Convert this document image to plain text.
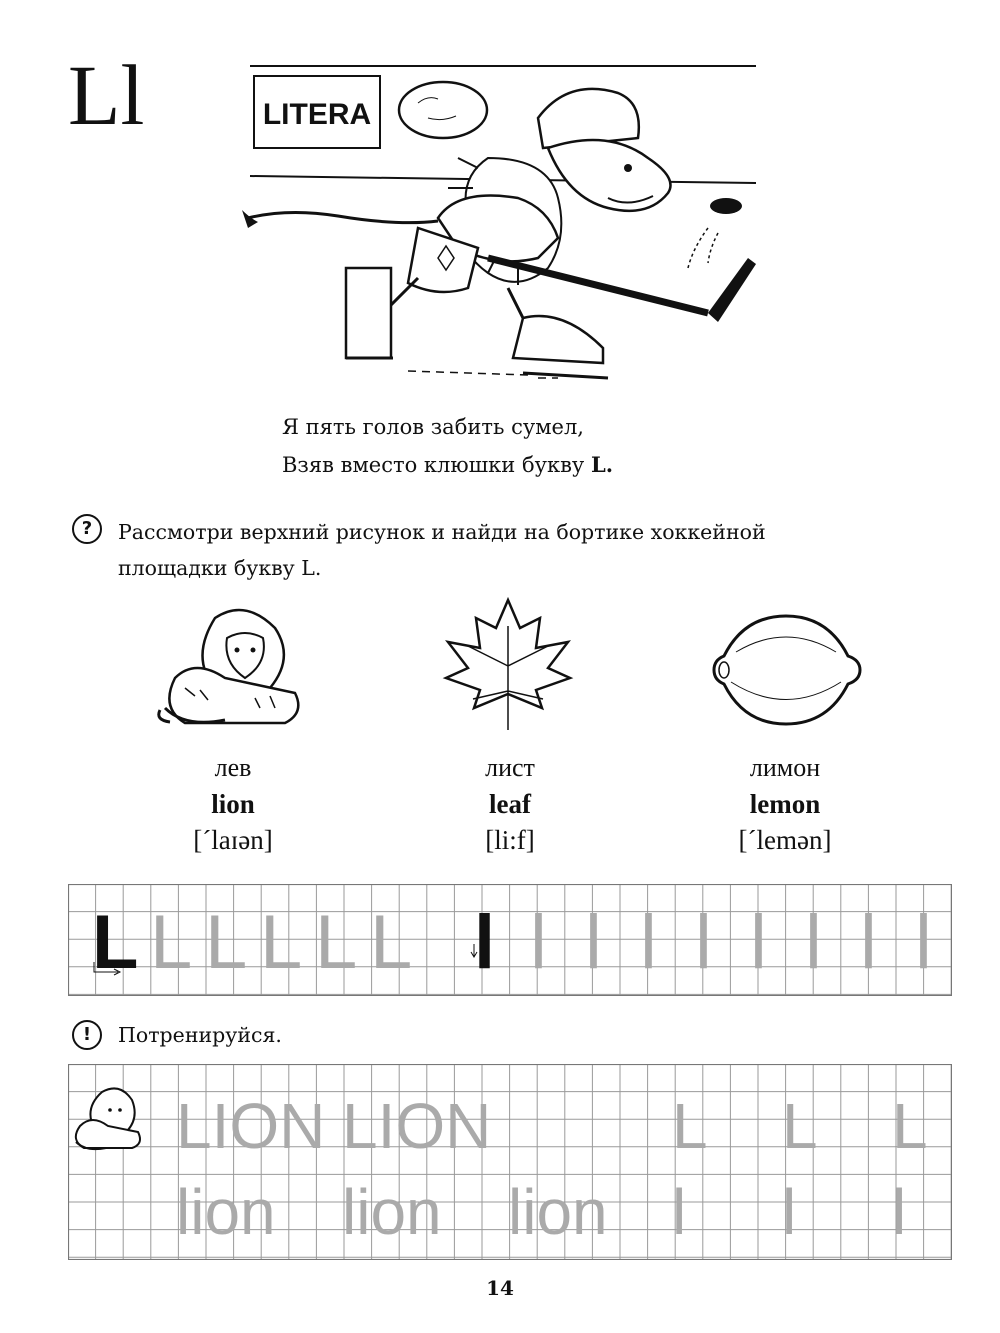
Ll	LITERA
Я пять голов забить сумел,
Взяв вместо клюшки букву L.
?	Рассмотри верхний рисунок и найди на бортике хоккейной
площадки букву L.
лев
lion
[ˊlaɪən]
лист
leaf
[li:f]
лимон
lemon
[ˊlemən]
L L L L L L l l l l l l l l l
!	Потренируйся.
LION LION	L L L
lion lion lion l l l
14
